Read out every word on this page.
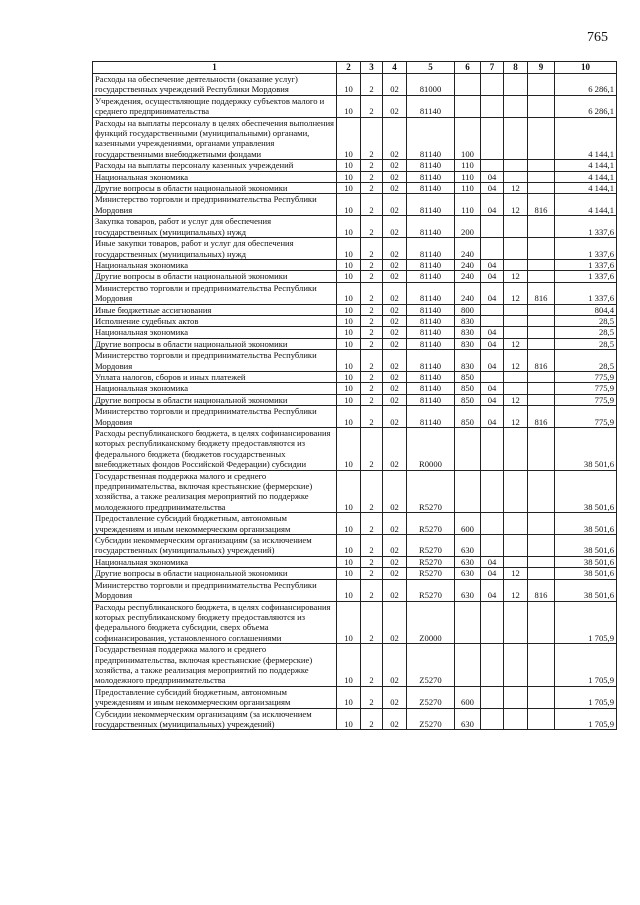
765
1	2	3	4	5	6	7	8	9	10
Расходы на обеспечение деятельности (оказание услуг) государственных учреждений Республики Мордовия	10	2	02	81000					6 286,1
Учреждения, осуществляющие поддержку субъектов малого и среднего предпринимательства	10	2	02	81140					6 286,1
Расходы на выплаты персоналу в целях обеспечения выполнения функций государственными (муниципальными) органами, казенными учреждениями, органами управления государственными внебюджетными фондами	10	2	02	81140	100				4 144,1
Расходы на выплаты персоналу казенных учреждений	10	2	02	81140	110				4 144,1
Национальная экономика	10	2	02	81140	110	04			4 144,1
Другие вопросы в области национальной экономики	10	2	02	81140	110	04	12		4 144,1
Министерство торговли и предпринимательства Республики Мордовия	10	2	02	81140	110	04	12	816	4 144,1
Закупка товаров, работ и услуг для обеспечения государственных (муниципальных) нужд	10	2	02	81140	200				1 337,6
Иные закупки товаров, работ и услуг для обеспечения государственных (муниципальных) нужд	10	2	02	81140	240				1 337,6
Национальная экономика	10	2	02	81140	240	04			1 337,6
Другие вопросы в области национальной экономики	10	2	02	81140	240	04	12		1 337,6
Министерство торговли и предпринимательства Республики Мордовия	10	2	02	81140	240	04	12	816	1 337,6
Иные бюджетные ассигнования	10	2	02	81140	800				804,4
Исполнение судебных актов	10	2	02	81140	830				28,5
Национальная экономика	10	2	02	81140	830	04			28,5
Другие вопросы в области национальной экономики	10	2	02	81140	830	04	12		28,5
Министерство торговли и предпринимательства Республики Мордовия	10	2	02	81140	830	04	12	816	28,5
Уплата налогов, сборов и иных платежей	10	2	02	81140	850				775,9
Национальная экономика	10	2	02	81140	850	04			775,9
Другие вопросы в области национальной экономики	10	2	02	81140	850	04	12		775,9
Министерство торговли и предпринимательства Республики Мордовия	10	2	02	81140	850	04	12	816	775,9
Расходы республиканского бюджета, в целях софинансирования которых республиканскому бюджету предоставляются из федерального бюджета (бюджетов государственных внебюджетных фондов Российской Федерации) субсидии	10	2	02	R0000					38 501,6
Государственная поддержка малого и среднего предпринимательства, включая крестьянские (фермерские) хозяйства, а также реализация мероприятий по поддержке молодежного предпринимательства	10	2	02	R5270					38 501,6
Предоставление субсидий бюджетным, автономным учреждениям и иным некоммерческим организациям	10	2	02	R5270	600				38 501,6
Субсидии некоммерческим организациям (за исключением государственных (муниципальных) учреждений)	10	2	02	R5270	630				38 501,6
Национальная экономика	10	2	02	R5270	630	04			38 501,6
Другие вопросы в области национальной экономики	10	2	02	R5270	630	04	12		38 501,6
Министерство торговли и предпринимательства Республики Мордовия	10	2	02	R5270	630	04	12	816	38 501,6
Расходы республиканского бюджета, в целях софинансирования которых республиканскому бюджету предоставляются из федерального бюджета субсидии, сверх объема софинансирования, установленного соглашениями	10	2	02	Z0000					1 705,9
Государственная поддержка малого и среднего предпринимательства, включая крестьянские (фермерские) хозяйства, а также реализация мероприятий по поддержке молодежного предпринимательства	10	2	02	Z5270					1 705,9
Предоставление субсидий бюджетным, автономным учреждениям и иным некоммерческим организациям	10	2	02	Z5270	600				1 705,9
Субсидии некоммерческим организациям (за исключением государственных (муниципальных) учреждений)	10	2	02	Z5270	630				1 705,9
